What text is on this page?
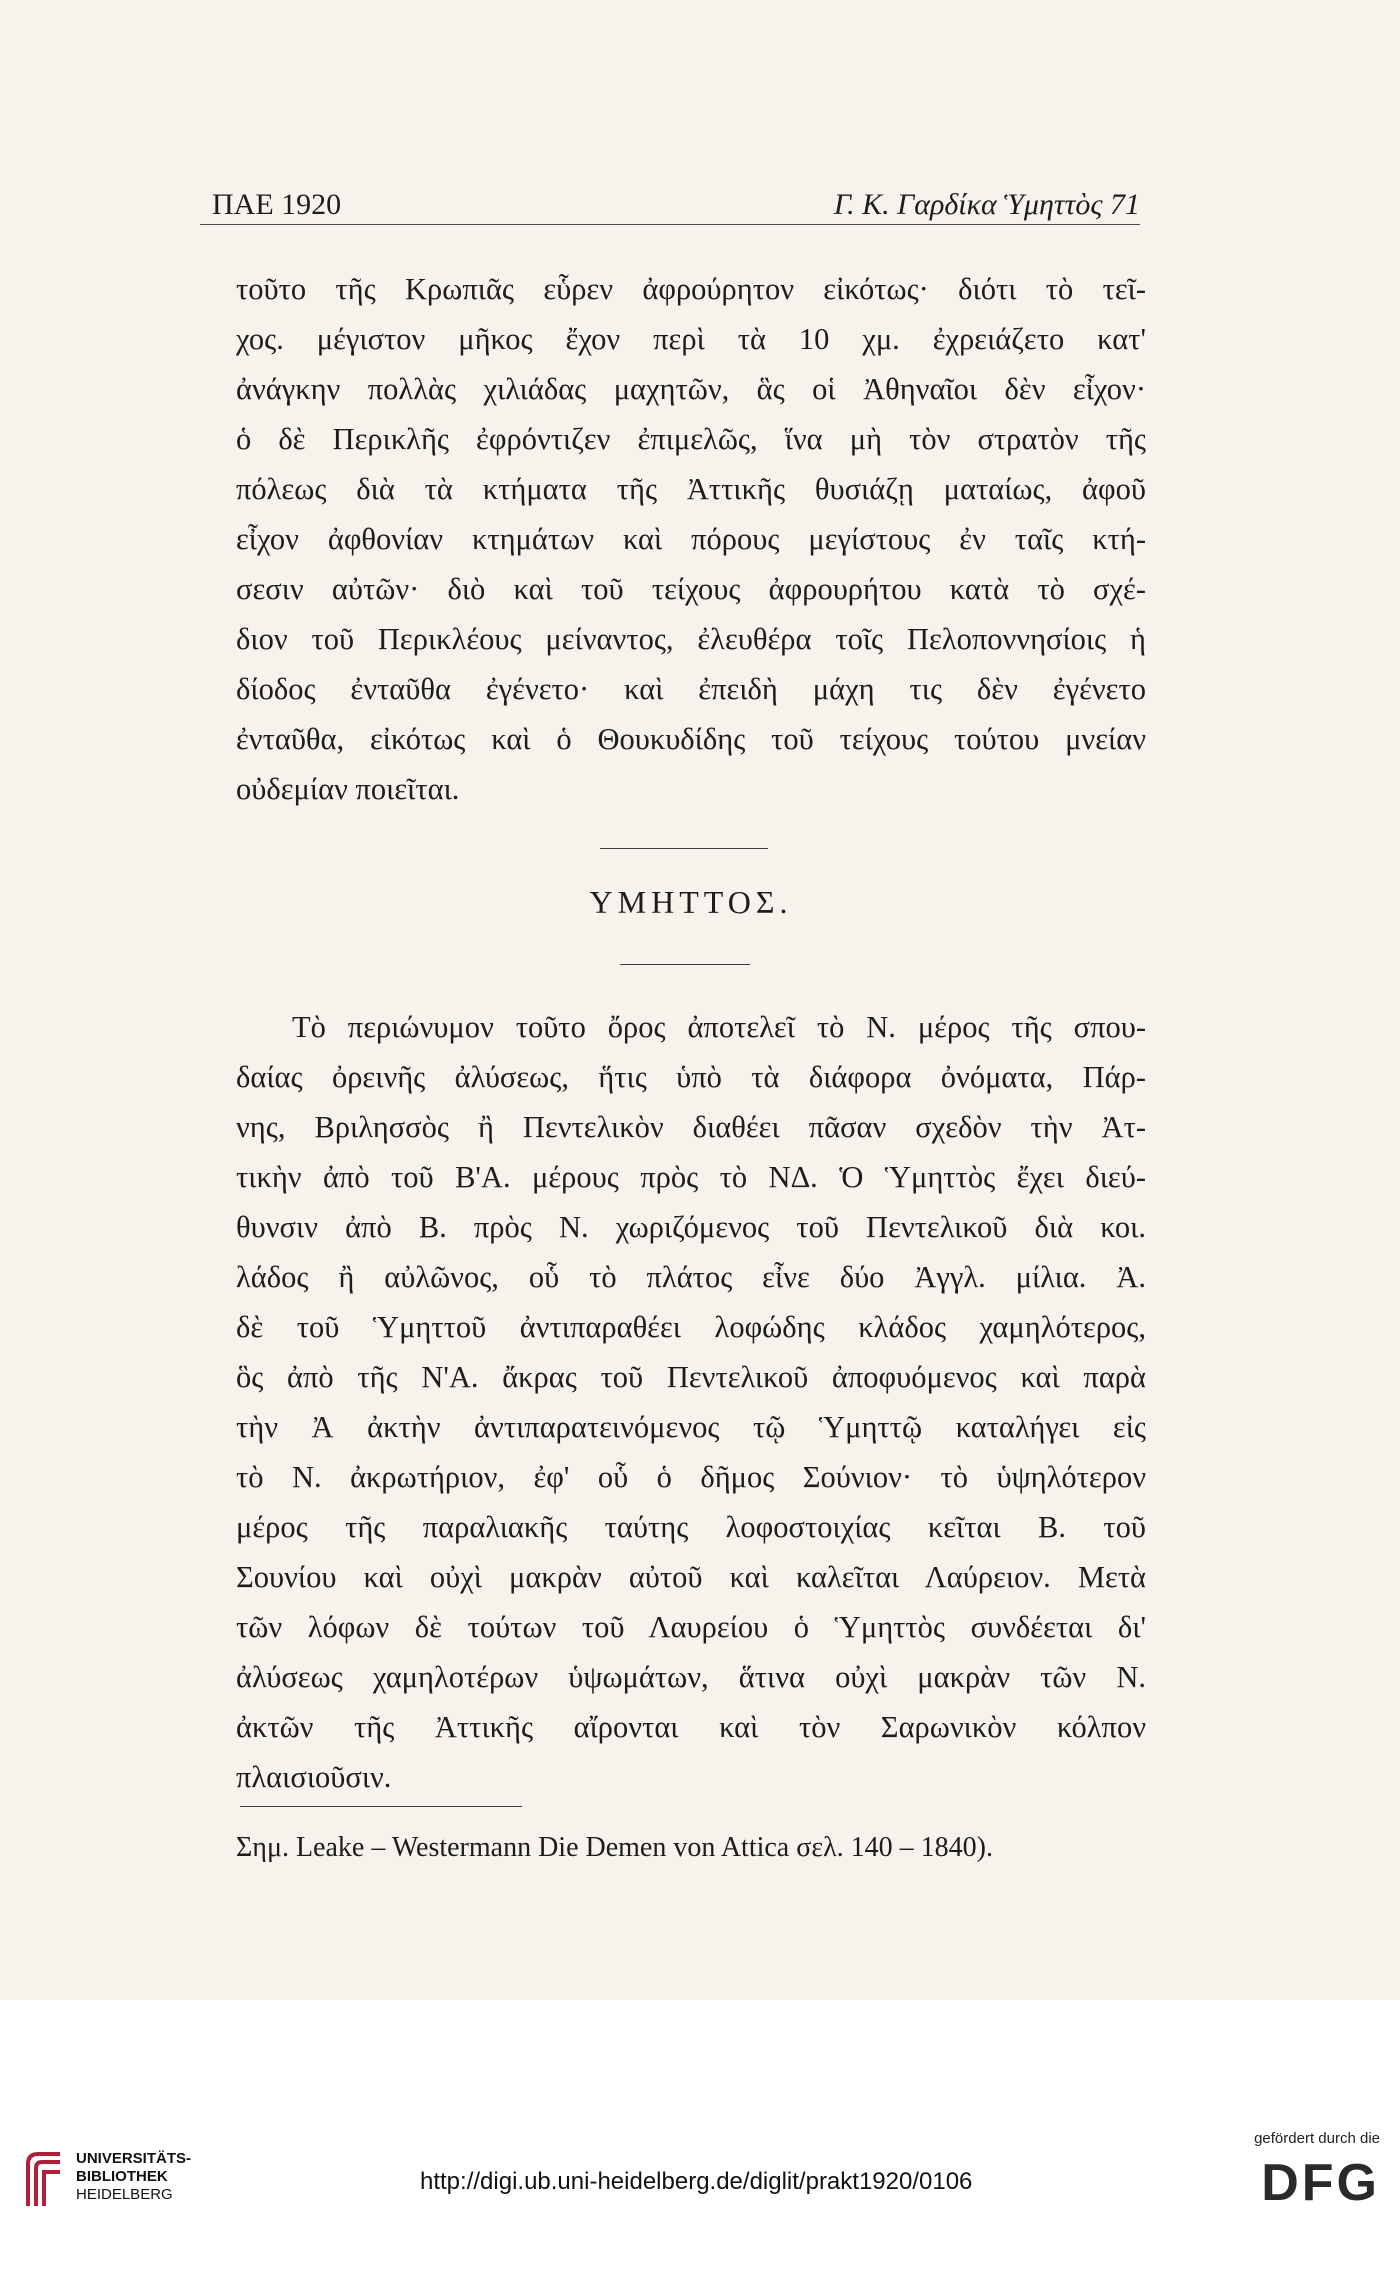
ΠΑΕ 1920	Γ. Κ. Γαρδίκα Ὑμηττὸς 71
τοῦτο τῆς Κρωπιᾶς εὗρεν ἀφρούρητον εἰκότως· διότι τὸ τεῖ-
χος. μέγιστον μῆκος ἔχον περὶ τὰ 10 χμ. ἐχρειάζετο κατ'
ἀνάγκην πολλὰς χιλιάδας μαχητῶν, ἃς οἱ Ἀθηναῖοι δὲν εἶχον·
ὁ δὲ Περικλῆς ἐφρόντιζεν ἐπιμελῶς, ἵνα μὴ τὸν στρατὸν τῆς
πόλεως διὰ τὰ κτήματα τῆς Ἀττικῆς θυσιάζῃ ματαίως, ἀφοῦ
εἶχον ἀφθονίαν κτημάτων καὶ πόρους μεγίστους ἐν ταῖς κτή-
σεσιν αὐτῶν· διὸ καὶ τοῦ τείχους ἀφρουρήτου κατὰ τὸ σχέ-
διον τοῦ Περικλέους μείναντος, ἐλευθέρα τοῖς Πελοποννησίοις ἡ
δίοδος ἐνταῦθα ἐγένετο· καὶ ἐπειδὴ μάχη τις δὲν ἐγένετο
ἐνταῦθα, εἰκότως καὶ ὁ Θουκυδίδης τοῦ τείχους τούτου μνείαν
οὐδεμίαν ποιεῖται.
ΥΜΗΤΤΟΣ.
Τὸ περιώνυμον τοῦτο ὄρος ἀποτελεῖ τὸ Ν. μέρος τῆς σπου-
δαίας ὀρεινῆς ἀλύσεως, ἥτις ὑπὸ τὰ διάφορα ὀνόματα, Πάρ-
νης, Βριλησσὸς ἢ Πεντελικὸν διαθέει πᾶσαν σχεδὸν τὴν Ἀτ-
τικὴν ἀπὸ τοῦ Β'Α. μέρους πρὸς τὸ ΝΔ. Ὁ Ὑμηττὸς ἔχει διεύ-
θυνσιν ἀπὸ Β. πρὸς Ν. χωριζόμενος τοῦ Πεντελικοῦ διὰ κοι.
λάδος ἢ αὐλῶνος, οὗ τὸ πλάτος εἶνε δύο Ἀγγλ. μίλια. Ἀ.
δὲ τοῦ Ὑμηττοῦ ἀντιπαραθέει λοφώδης κλάδος χαμηλότερος,
ὃς ἀπὸ τῆς Ν'Α. ἄκρας τοῦ Πεντελικοῦ ἀποφυόμενος καὶ παρὰ
τὴν Ἀ ἀκτὴν ἀντιπαρατεινόμενος τῷ Ὑμηττῷ καταλήγει εἰς
τὸ Ν. ἀκρωτήριον, ἐφ' οὗ ὁ δῆμος Σούνιον· τὸ ὑψηλότερον
μέρος τῆς παραλιακῆς ταύτης λοφοστοιχίας κεῖται Β. τοῦ
Σουνίου καὶ οὐχὶ μακρὰν αὐτοῦ καὶ καλεῖται Λαύρειον. Μετὰ
τῶν λόφων δὲ τούτων τοῦ Λαυρείου ὁ Ὑμηττὸς συνδέεται δι'
ἀλύσεως χαμηλοτέρων ὑψωμάτων, ἅτινα οὐχὶ μακρὰν τῶν Ν.
ἀκτῶν τῆς Ἀττικῆς αἴρονται καὶ τὸν Σαρωνικὸν κόλπον
πλαισιοῦσιν.
Σημ. Leake – Westermann Die Demen von Attica σελ. 140 – 1840).
UNIVERSITÄTS-
BIBLIOTHEK
HEIDELBERG	http://digi.ub.uni-heidelberg.de/diglit/prakt1920/0106
gefördert durch die
DFG
